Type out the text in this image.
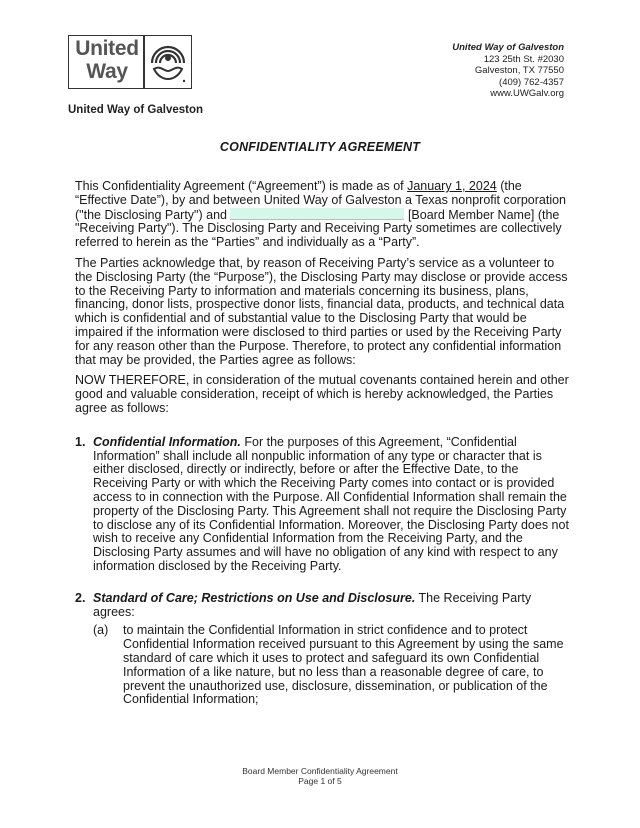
United
Way
United Way of Galveston
United Way of Galveston
123 25th St. #2030
Galveston, TX 77550
(409) 762-4357
www.UWGalv.org
CONFIDENTIALITY AGREEMENT

This Confidentiality Agreement (“Agreement”) is made as of January 1, 2024 (the “Effective Date”), by and between United Way of Galveston a Texas nonprofit corporation ("the Disclosing Party") and	[Board Member Name] (the "Receiving Party"). The Disclosing Party and Receiving Party sometimes are collectively referred to herein as the “Parties” and individually as a “Party”.

The Parties acknowledge that, by reason of Receiving Party’s service as a volunteer to the Disclosing Party (the “Purpose”), the Disclosing Party may disclose or provide access to the Receiving Party to information and materials concerning its business, plans, financing, donor lists, prospective donor lists, financial data, products, and technical data which is confidential and of substantial value to the Disclosing Party that would be impaired if the information were disclosed to third parties or used by the Receiving Party for any reason other than the Purpose. Therefore, to protect any confidential information that may be provided, the Parties agree as follows:

NOW THEREFORE, in consideration of the mutual covenants contained herein and other good and valuable consideration, receipt of which is hereby acknowledged, the Parties agree as follows:

1. Confidential Information. For the purposes of this Agreement, “Confidential Information” shall include all nonpublic information of any type or character that is either disclosed, directly or indirectly, before or after the Effective Date, to the Receiving Party or with which the Receiving Party comes into contact or is provided access to in connection with the Purpose. All Confidential Information shall remain the property of the Disclosing Party. This Agreement shall not require the Disclosing Party to disclose any of its Confidential Information. Moreover, the Disclosing Party does not wish to receive any Confidential Information from the Receiving Party, and the Disclosing Party assumes and will have no obligation of any kind with respect to any information disclosed by the Receiving Party.
2. Standard of Care; Restrictions on Use and Disclosure. The Receiving Party agrees:
(a) to maintain the Confidential Information in strict confidence and to protect Confidential Information received pursuant to this Agreement by using the same standard of care which it uses to protect and safeguard its own Confidential Information of a like nature, but no less than a reasonable degree of care, to prevent the unauthorized use, disclosure, dissemination, or publication of the Confidential Information;
Board Member Confidentiality Agreement
Page 1 of 5
